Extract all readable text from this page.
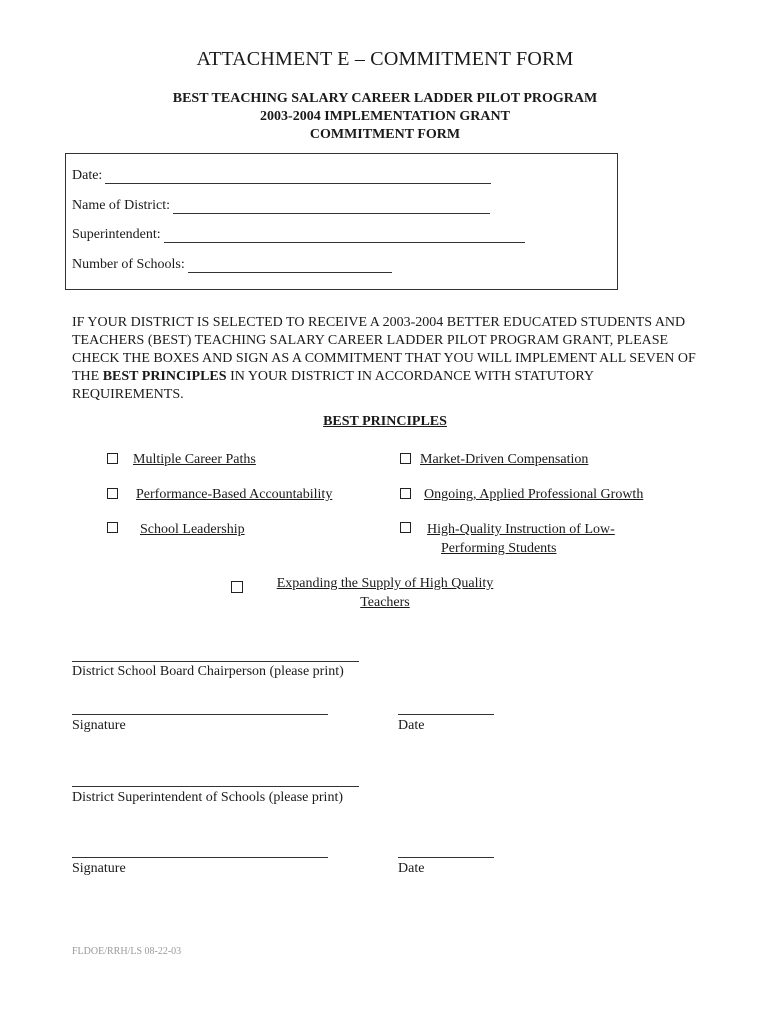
ATTACHMENT E – COMMITMENT FORM
BEST TEACHING SALARY CAREER LADDER PILOT PROGRAM
2003-2004 IMPLEMENTATION GRANT
COMMITMENT FORM
Date:
Name of District:
Superintendent:
Number of Schools:
IF YOUR DISTRICT IS SELECTED TO RECEIVE A 2003-2004 BETTER EDUCATED STUDENTS AND TEACHERS (BEST) TEACHING SALARY CAREER LADDER PILOT PROGRAM GRANT, PLEASE CHECK THE BOXES AND SIGN AS A COMMITMENT THAT YOU WILL IMPLEMENT ALL SEVEN OF THE BEST PRINCIPLES IN YOUR DISTRICT IN ACCORDANCE WITH STATUTORY REQUIREMENTS.
BEST PRINCIPLES
Multiple Career Paths	Market-Driven Compensation
Performance-Based Accountability	Ongoing, Applied Professional Growth
School Leadership	High-Quality Instruction of Low-
Performing Students
Expanding the Supply of High Quality
Teachers
District School Board Chairperson (please print)
Signature	Date
District Superintendent of Schools (please print)
Signature	Date
FLDOE/RRH/LS 08-22-03
